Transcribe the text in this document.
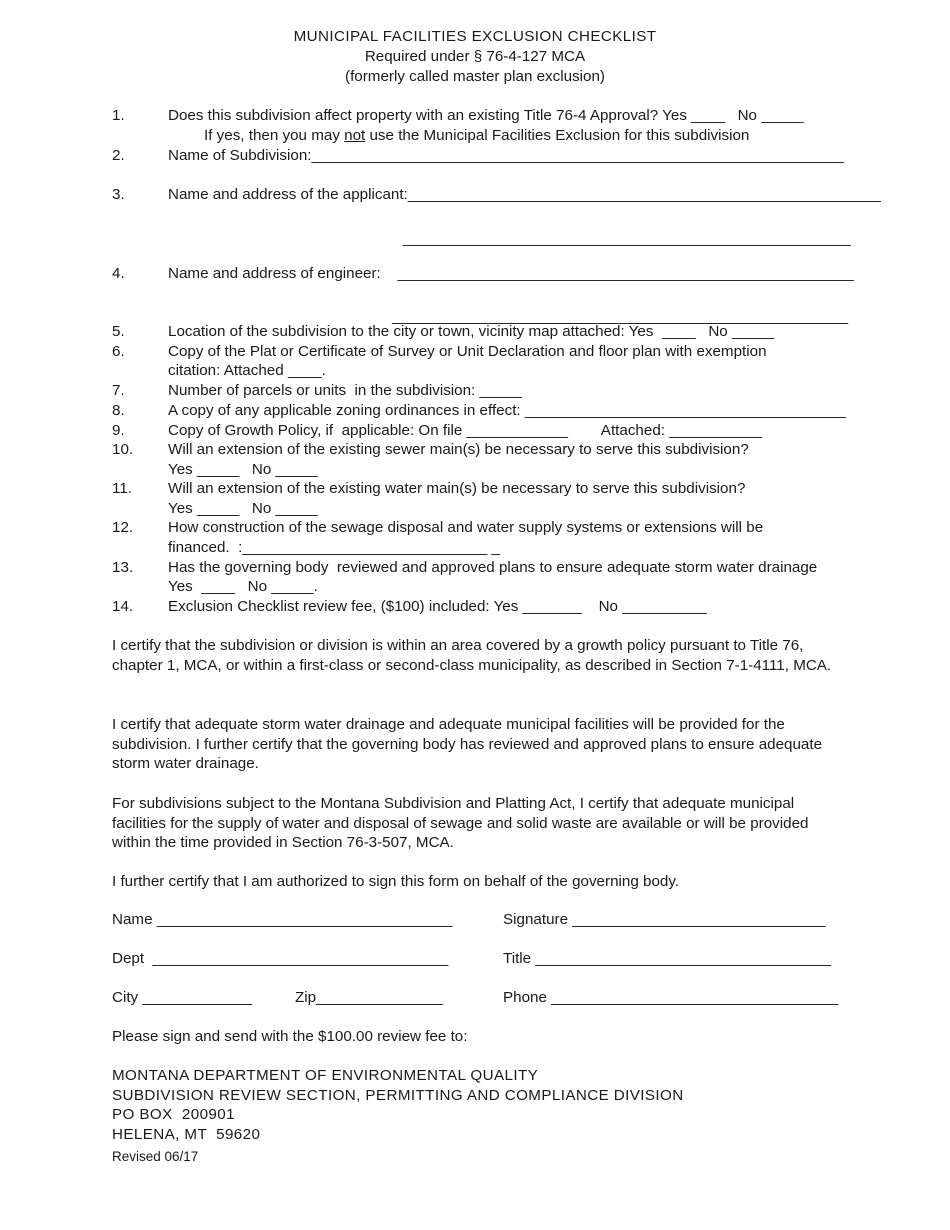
MUNICIPAL FACILITIES EXCLUSION CHECKLIST
Required under § 76-4-127 MCA
(formerly called master plan exclusion)
1.	Does this subdivision affect property with an existing Title 76-4 Approval? Yes ____   No _____
If yes, then you may not use the Municipal Facilities Exclusion for this subdivision
2.	Name of Subdivision:_______________________________________________________________
3.	Name and address of the applicant:________________________________________________________
_____________________________________________________
4.	Name and address of engineer:    ______________________________________________________
______________________________________________________
5.	Location of the subdivision to the city or town, vicinity map attached: Yes  ____   No _____
6.	Copy of the Plat or Certificate of Survey or Unit Declaration and floor plan with exemption
citation: Attached ____.
7.	Number of parcels or units  in the subdivision: _____
8.	A copy of any applicable zoning ordinances in effect: ______________________________________
9.	Copy of Growth Policy, if  applicable: On file ____________        Attached: ___________
10. Will an extension of the existing sewer main(s) be necessary to serve this subdivision?
Yes _____   No _____
11. Will an extension of the existing water main(s) be necessary to serve this subdivision?
Yes _____   No _____
12. How construction of the sewage disposal and water supply systems or extensions will be
financed.  :_____________________________ _
13. Has the governing body  reviewed and approved plans to ensure adequate storm water drainage
Yes  ____   No _____.
14. Exclusion Checklist review fee, ($100) included: Yes _______    No __________
I certify that the subdivision or division is within an area covered by a growth policy pursuant to Title 76, chapter 1, MCA, or within a first-class or second-class municipality, as described in Section 7-1-4111, MCA.
I certify that adequate storm water drainage and adequate municipal facilities will be provided for the subdivision. I further certify that the governing body has reviewed and approved plans to ensure adequate storm water drainage.
For subdivisions subject to the Montana Subdivision and Platting Act, I certify that adequate municipal facilities for the supply of water and disposal of sewage and solid waste are available or will be provided within the time provided in Section 76-3-507, MCA.
I further certify that I am authorized to sign this form on behalf of the governing body.
Name ___________________________________	Signature ______________________________
Dept  ___________________________________	Title ___________________________________
City _____________	Zip_______________	Phone __________________________________
Please sign and send with the $100.00 review fee to:
MONTANA DEPARTMENT OF ENVIRONMENTAL QUALITY
SUBDIVISION REVIEW SECTION, PERMITTING AND COMPLIANCE DIVISION
PO BOX  200901
HELENA, MT  59620
Revised 06/17
